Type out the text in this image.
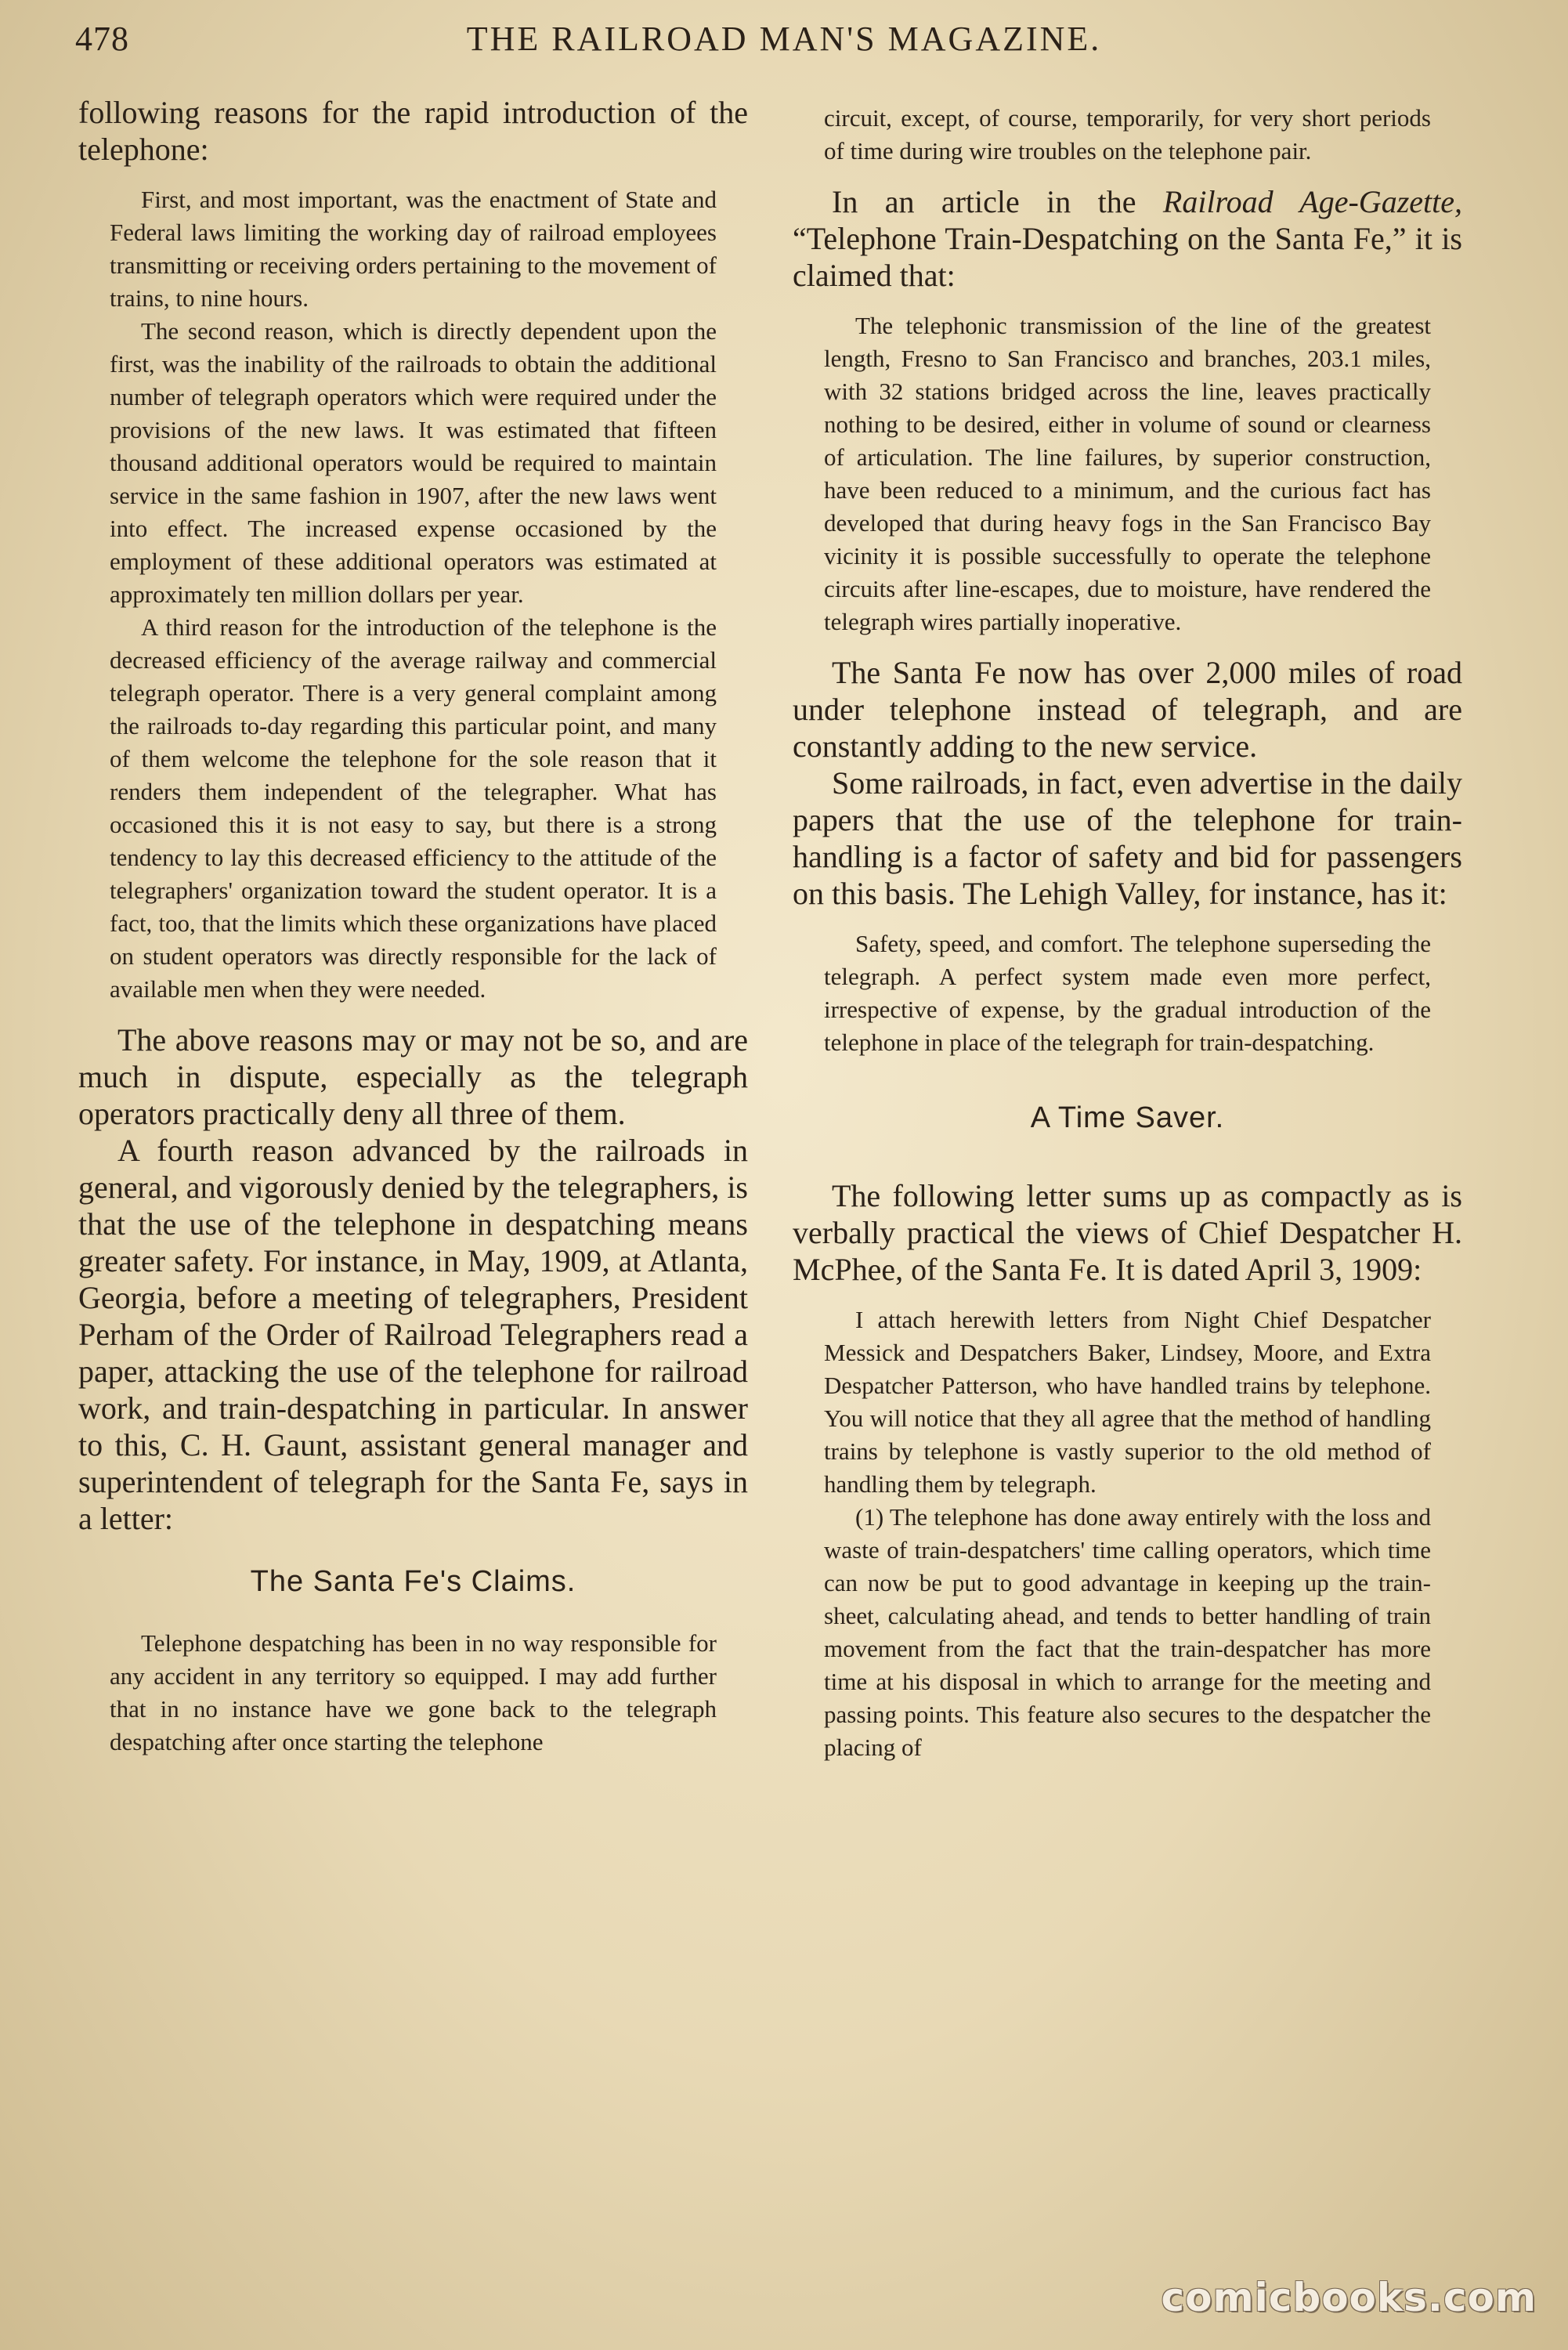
478	THE RAILROAD MAN'S MAGAZINE.

following reasons for the rapid introduction of the telephone:

First, and most important, was the enactment of State and Federal laws limiting the working day of railroad employees transmitting or receiving orders pertaining to the movement of trains, to nine hours.

The second reason, which is directly dependent upon the first, was the inability of the railroads to obtain the additional number of telegraph operators which were required under the provisions of the new laws. It was estimated that fifteen thousand additional operators would be required to maintain service in the same fashion in 1907, after the new laws went into effect. The increased expense occasioned by the employment of these additional operators was estimated at approximately ten million dollars per year.

A third reason for the introduction of the telephone is the decreased efficiency of the average railway and commercial telegraph operator. There is a very general complaint among the railroads to-day regarding this particular point, and many of them welcome the telephone for the sole reason that it renders them independent of the telegrapher. What has occasioned this it is not easy to say, but there is a strong tendency to lay this decreased efficiency to the attitude of the telegraphers' organization toward the student operator. It is a fact, too, that the limits which these organizations have placed on student operators was directly responsible for the lack of available men when they were needed.

The above reasons may or may not be so, and are much in dispute, especially as the telegraph operators practically deny all three of them.

A fourth reason advanced by the railroads in general, and vigorously denied by the telegraphers, is that the use of the telephone in despatching means greater safety. For instance, in May, 1909, at Atlanta, Georgia, before a meeting of telegraphers, President Perham of the Order of Railroad Telegraphers read a paper, attacking the use of the telephone for railroad work, and train-despatching in particular. In answer to this, C. H. Gaunt, assistant general manager and superintendent of telegraph for the Santa Fe, says in a letter:

The Santa Fe's Claims.

Telephone despatching has been in no way responsible for any accident in any territory so equipped. I may add further that in no instance have we gone back to the telegraph despatching after once starting the telephone

circuit, except, of course, temporarily, for very short periods of time during wire troubles on the telephone pair.

In an article in the Railroad Age-Gazette, “Telephone Train-Despatching on the Santa Fe,” it is claimed that:

The telephonic transmission of the line of the greatest length, Fresno to San Francisco and branches, 203.1 miles, with 32 stations bridged across the line, leaves practically nothing to be desired, either in volume of sound or clearness of articulation. The line failures, by superior construction, have been reduced to a minimum, and the curious fact has developed that during heavy fogs in the San Francisco Bay vicinity it is possible successfully to operate the telephone circuits after line-escapes, due to moisture, have rendered the telegraph wires partially inoperative.

The Santa Fe now has over 2,000 miles of road under telephone instead of telegraph, and are constantly adding to the new service.

Some railroads, in fact, even advertise in the daily papers that the use of the telephone for train-handling is a factor of safety and bid for passengers on this basis. The Lehigh Valley, for instance, has it:

Safety, speed, and comfort. The telephone superseding the telegraph. A perfect system made even more perfect, irrespective of expense, by the gradual introduction of the telephone in place of the telegraph for train-despatching.

A Time Saver.

The following letter sums up as compactly as is verbally practical the views of Chief Despatcher H. McPhee, of the Santa Fe. It is dated April 3, 1909:

I attach herewith letters from Night Chief Despatcher Messick and Despatchers Baker, Lindsey, Moore, and Extra Despatcher Patterson, who have handled trains by telephone. You will notice that they all agree that the method of handling trains by telephone is vastly superior to the old method of handling them by telegraph.

(1) The telephone has done away entirely with the loss and waste of train-despatchers' time calling operators, which time can now be put to good advantage in keeping up the train-sheet, calculating ahead, and tends to better handling of train movement from the fact that the train-despatcher has more time at his disposal in which to arrange for the meeting and passing points. This feature also secures to the despatcher the placing of

comicbooks.com
